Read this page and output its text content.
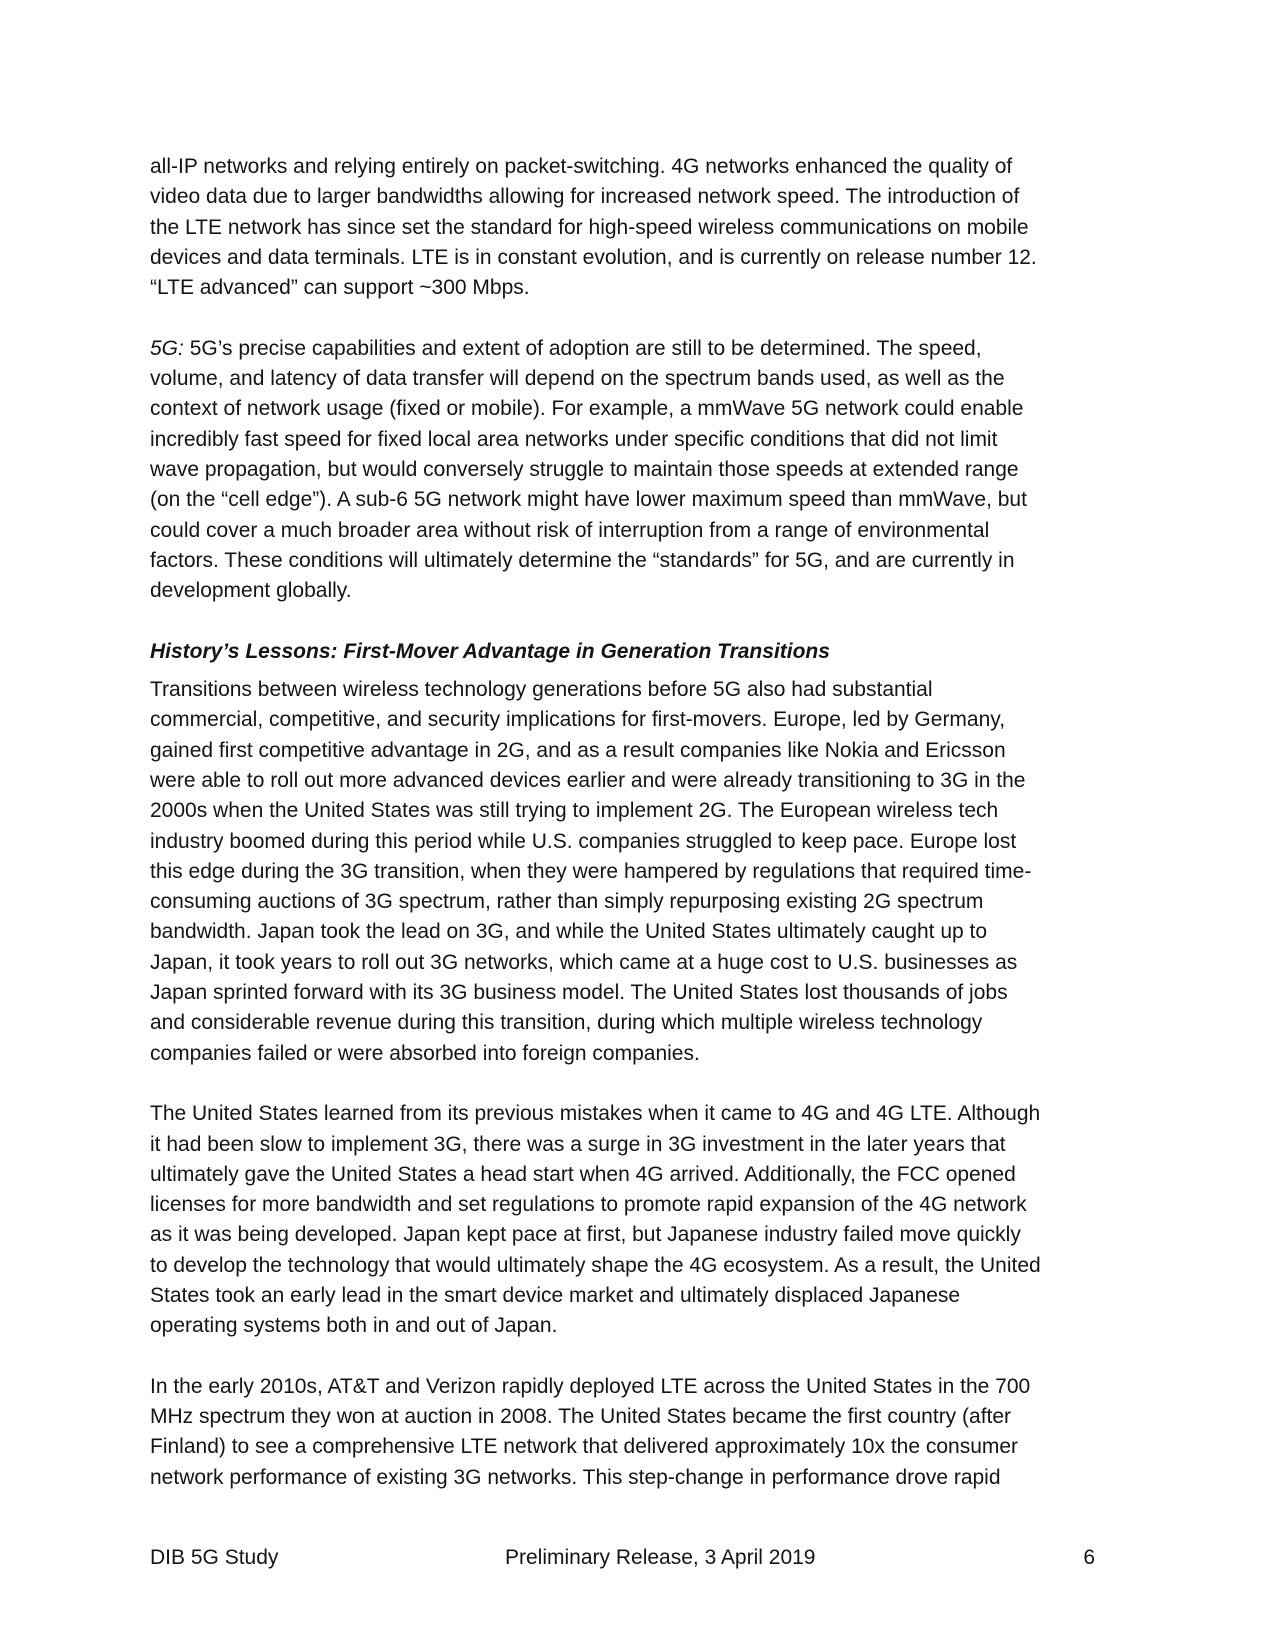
all-IP networks and relying entirely on packet-switching. 4G networks enhanced the quality of
video data due to larger bandwidths allowing for increased network speed. The introduction of
the LTE network has since set the standard for high-speed wireless communications on mobile
devices and data terminals. LTE is in constant evolution, and is currently on release number 12.
“LTE advanced” can support ~300 Mbps.

5G: 5G’s precise capabilities and extent of adoption are still to be determined. The speed,
volume, and latency of data transfer will depend on the spectrum bands used, as well as the
context of network usage (fixed or mobile). For example, a mmWave 5G network could enable
incredibly fast speed for fixed local area networks under specific conditions that did not limit
wave propagation, but would conversely struggle to maintain those speeds at extended range
(on the “cell edge”). A sub-6 5G network might have lower maximum speed than mmWave, but
could cover a much broader area without risk of interruption from a range of environmental
factors. These conditions will ultimately determine the “standards” for 5G, and are currently in
development globally.

History’s Lessons: First-Mover Advantage in Generation Transitions

Transitions between wireless technology generations before 5G also had substantial
commercial, competitive, and security implications for first-movers. Europe, led by Germany,
gained first competitive advantage in 2G, and as a result companies like Nokia and Ericsson
were able to roll out more advanced devices earlier and were already transitioning to 3G in the
2000s when the United States was still trying to implement 2G. The European wireless tech
industry boomed during this period while U.S. companies struggled to keep pace. Europe lost
this edge during the 3G transition, when they were hampered by regulations that required time-
consuming auctions of 3G spectrum, rather than simply repurposing existing 2G spectrum
bandwidth. Japan took the lead on 3G, and while the United States ultimately caught up to
Japan, it took years to roll out 3G networks, which came at a huge cost to U.S. businesses as
Japan sprinted forward with its 3G business model. The United States lost thousands of jobs
and considerable revenue during this transition, during which multiple wireless technology
companies failed or were absorbed into foreign companies.

The United States learned from its previous mistakes when it came to 4G and 4G LTE. Although
it had been slow to implement 3G, there was a surge in 3G investment in the later years that
ultimately gave the United States a head start when 4G arrived. Additionally, the FCC opened
licenses for more bandwidth and set regulations to promote rapid expansion of the 4G network
as it was being developed. Japan kept pace at first, but Japanese industry failed move quickly
to develop the technology that would ultimately shape the 4G ecosystem. As a result, the United
States took an early lead in the smart device market and ultimately displaced Japanese
operating systems both in and out of Japan.

In the early 2010s, AT&T and Verizon rapidly deployed LTE across the United States in the 700
MHz spectrum they won at auction in 2008. The United States became the first country (after
Finland) to see a comprehensive LTE network that delivered approximately 10x the consumer
network performance of existing 3G networks. This step-change in performance drove rapid

DIB 5G Study	Preliminary Release, 3 April 2019	6
